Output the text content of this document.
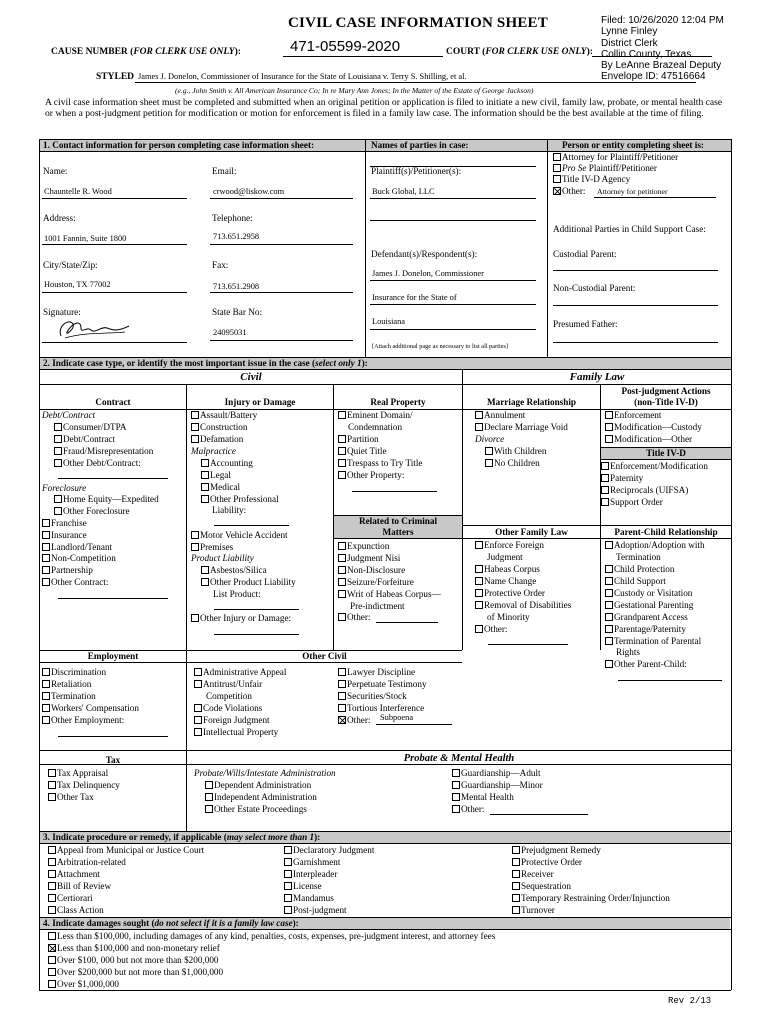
CIVIL CASE INFORMATION SHEET	Filed: 10/26/2020 12:04 PM
Lynne Finley
District Clerk
Collin County, Texas
By LeAnne Brazeal Deputy
Envelope ID: 47516664
CAUSE NUMBER (FOR CLERK USE ONLY):	471-05599-2020	COURT (FOR CLERK USE ONLY):
STYLED James J. Donelon, Commissioner of Insurance for the State of Louisiana v. Terry S. Shilling, et al.
(e.g., John Smith v. All American Insurance Co; In re Mary Ann Jones; In the Matter of the Estate of George Jackson)
A civil case information sheet must be completed and submitted when an original petition or application is filed to initiate a new civil, family law, probate, or mental health case or when a post-judgment petition for modification or motion for enforcement is filed in a family law case. The information should be the best available at the time of filing.
1. Contact information for person completing case information sheet:	Names of parties in case:	Person or entity completing sheet is:
Name:	Email:
Chauntelle R. Wood	crwood@liskow.com
Address:	Telephone:
1001 Fannin, Suite 1800	713.651.2958
City/State/Zip:	Fax:
Houston, TX 77002	713.651.2908
Signature:	State Bar No:
24095031
Plaintiff(s)/Petitioner(s):
Buck Global, LLC
Defendant(s)/Respondent(s):
James J. Donelon, Commissioner
Insurance for the State of
Louisiana
[Attach additional page as necessary to list all parties]
Attorney for Plaintiff/Petitioner
Pro Se Plaintiff/Petitioner
Title IV-D Agency
Other: Attorney for petitioner
Additional Parties in Child Support Case:
Custodial Parent:
Non-Custodial Parent:
Presumed Father:
2. Indicate case type, or identify the most important issue in the case (select only 1):
Civil	Family Law
Contract	Injury or Damage	Real Property	Marriage Relationship
Post-judgment Actions
(non-Title IV-D)
Debt/Contract
Consumer/DTPA
Debt/Contract
Fraud/Misrepresentation
Other Debt/Contract:
Foreclosure
Home Equity—Expedited
Other Foreclosure
Franchise
Insurance
Landlord/Tenant
Non-Competition
Partnership
Other Contract:
Assault/Battery
Construction
Defamation
Malpractice
Accounting
Legal
Medical
Other Professional
Liability:
Motor Vehicle Accident
Premises
Product Liability
Asbestos/Silica
Other Product Liability
List Product:
Other Injury or Damage:
Eminent Domain/
Condemnation
Partition
Quiet Title
Trespass to Try Title
Other Property:
Related to Criminal
Matters
Expunction
Judgment Nisi
Non-Disclosure
Seizure/Forfeiture
Writ of Habeas Corpus—
Pre-indictment
Other:
Annulment
Declare Marriage Void
Divorce
With Children
No Children
Other Family Law	Parent-Child Relationship
Enforce Foreign
Judgment
Habeas Corpus
Name Change
Protective Order
Removal of Disabilities
of Minority
Other:
Enforcement
Modification—Custody
Modification—Other
Title IV-D
Enforcement/Modification
Paternity
Reciprocals (UIFSA)
Support Order
Adoption/Adoption with
Termination
Child Protection
Child Support
Custody or Visitation
Gestational Parenting
Grandparent Access
Parentage/Paternity
Termination of Parental
Rights
Other Parent-Child:
Employment	Other Civil
Discrimination
Retaliation
Termination
Workers' Compensation
Other Employment:
Administrative Appeal
Antitrust/Unfair
Competition
Code Violations
Foreign Judgment
Intellectual Property
Lawyer Discipline
Perpetuate Testimony
Securities/Stock
Tortious Interference
Other: Subpoena
Tax	Probate & Mental Health
Tax Appraisal
Tax Delinquency
Other Tax
Probate/Wills/Intestate Administration
Dependent Administration
Independent Administration
Other Estate Proceedings
Guardianship—Adult
Guardianship—Minor
Mental Health
Other:
3. Indicate procedure or remedy, if applicable (may select more than 1):
Appeal from Municipal or Justice Court
Arbitration-related
Attachment
Bill of Review
Certiorari
Class Action
Declaratory Judgment
Garnishment
Interpleader
License
Mandamus
Post-judgment
Prejudgment Remedy
Protective Order
Receiver
Sequestration
Temporary Restraining Order/Injunction
Turnover
4. Indicate damages sought (do not select if it is a family law case):
Less than $100,000, including damages of any kind, penalties, costs, expenses, pre-judgment interest, and attorney fees
Less than $100,000 and non-monetary relief
Over $100, 000 but not more than $200,000
Over $200,000 but not more than $1,000,000
Over $1,000,000
Rev 2/13
